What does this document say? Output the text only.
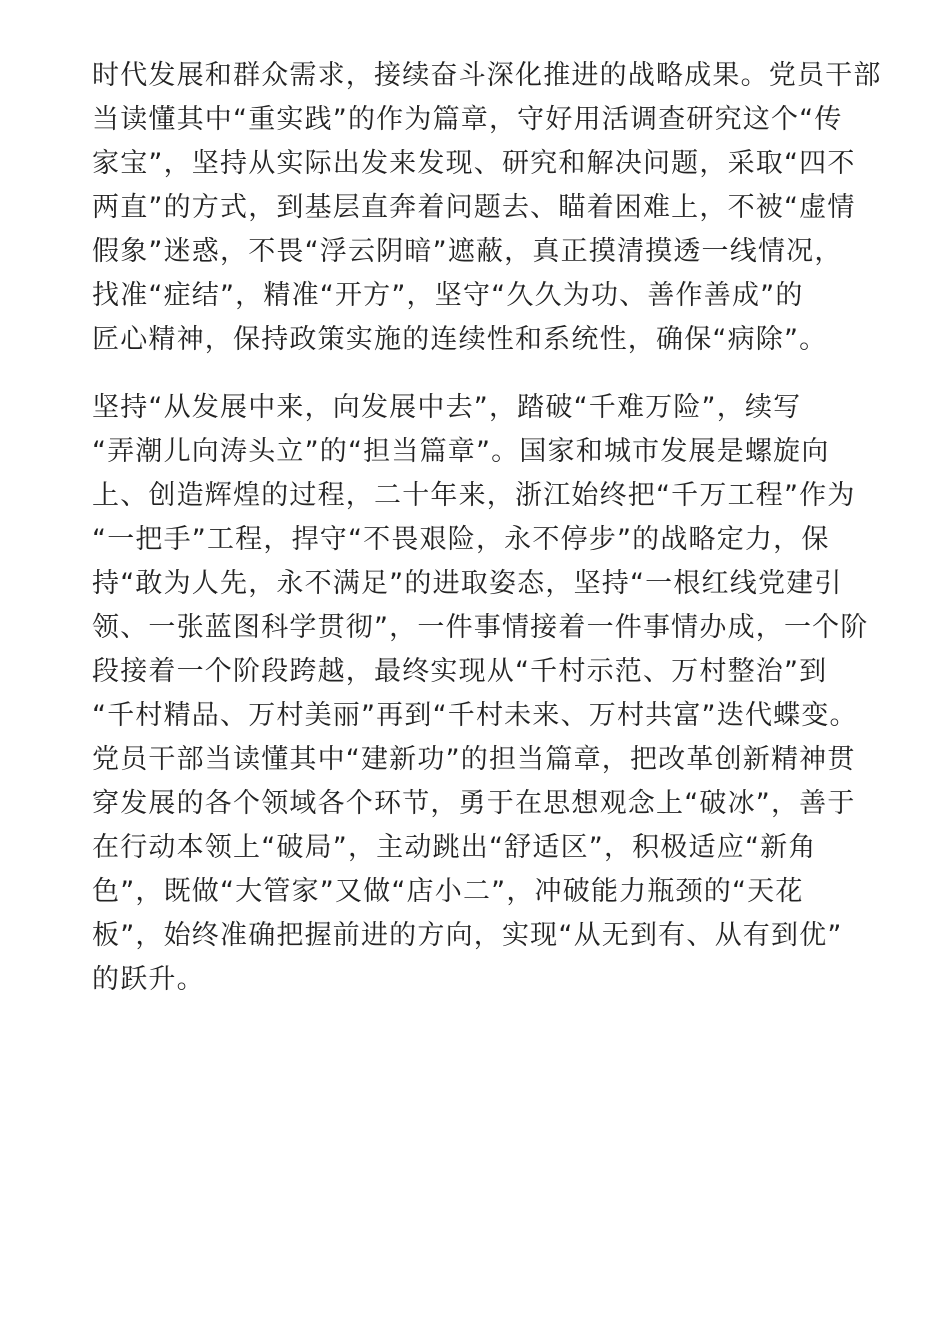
时代发展和群众需求，接续奋斗深化推进的战略成果。党员干部
当读懂其中“重实践”的作为篇章，守好用活调查研究这个“传
家宝”，坚持从实际出发来发现、研究和解决问题，采取“四不
两直”的方式，到基层直奔着问题去、瞄着困难上，不被“虚情
假象”迷惑，不畏“浮云阴暗”遮蔽，真正摸清摸透一线情况，
找准“症结”，精准“开方”，坚守“久久为功、善作善成”的
匠心精神，保持政策实施的连续性和系统性，确保“病除”。
坚持“从发展中来，向发展中去”，踏破“千难万险”，续写
“弄潮儿向涛头立”的“担当篇章”。国家和城市发展是螺旋向
上、创造辉煌的过程，二十年来，浙江始终把“千万工程”作为
“一把手”工程，捍守“不畏艰险，永不停步”的战略定力，保
持“敢为人先，永不满足”的进取姿态，坚持“一根红线党建引
领、一张蓝图科学贯彻”，一件事情接着一件事情办成，一个阶
段接着一个阶段跨越，最终实现从“千村示范、万村整治”到
“千村精品、万村美丽”再到“千村未来、万村共富”迭代蝶变。
党员干部当读懂其中“建新功”的担当篇章，把改革创新精神贯
穿发展的各个领域各个环节，勇于在思想观念上“破冰”，善于
在行动本领上“破局”，主动跳出“舒适区”，积极适应“新角
色”，既做“大管家”又做“店小二”，冲破能力瓶颈的“天花
板”，始终准确把握前进的方向，实现“从无到有、从有到优”
的跃升。
